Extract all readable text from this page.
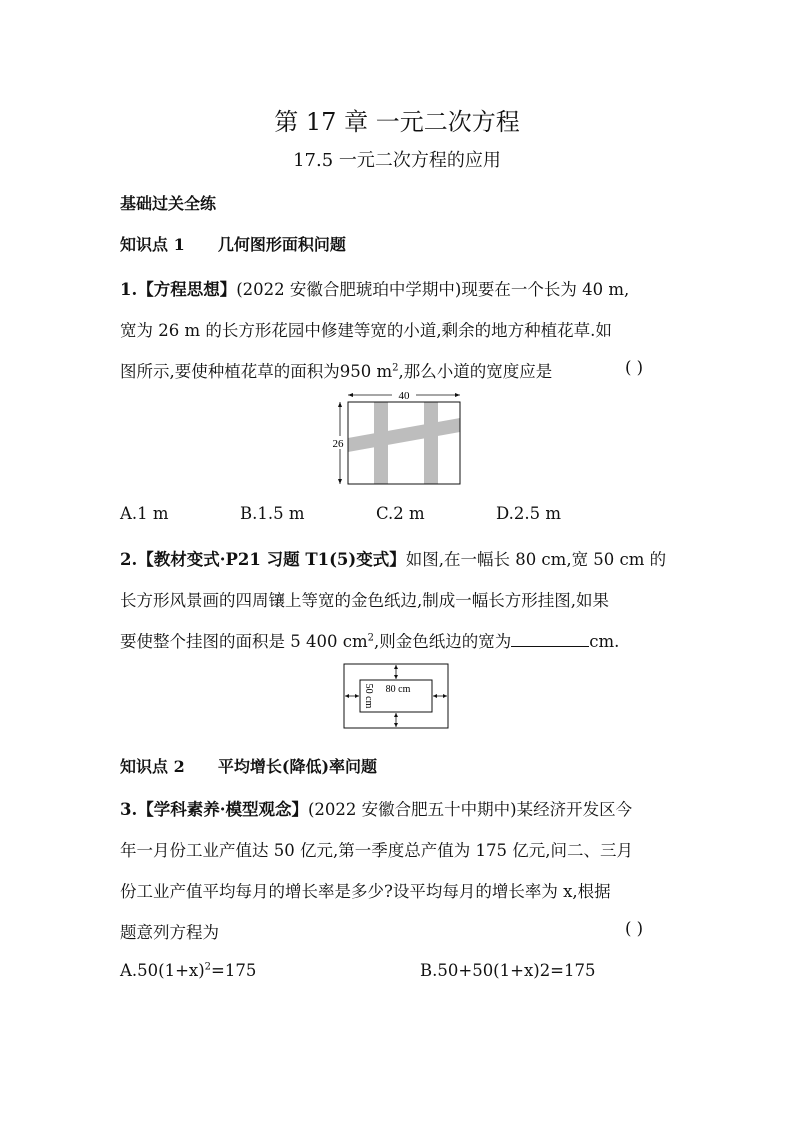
第 17 章 一元二次方程
17.5 一元二次方程的应用
基础过关全练
知识点 1 几何图形面积问题
1.【方程思想】(2022 安徽合肥琥珀中学期中)现要在一个长为 40 m,
宽为 26 m 的长方形花园中修建等宽的小道,剩余的地方种植花草.如
图所示,要使种植花草的面积为950 $m^2$,那么小道的宽度应是	( )
40
26
A.1 m	B.1.5 m	C.2 m	D.2.5 m
2.【教材变式·P21 习题 T1(5)变式】如图,在一幅长 80 cm,宽 50 cm 的
长方形风景画的四周镶上等宽的金色纸边,制成一幅长方形挂图,如果
要使整个挂图的面积是 5 400 $cm^2$,则金色纸边的宽为	cm.
80 cm
50 cm
知识点 2 平均增长(降低)率问题
3.【学科素养·模型观念】(2022 安徽合肥五十中期中)某经济开发区今
年一月份工业产值达 50 亿元,第一季度总产值为 175 亿元,问二、三月
份工业产值平均每月的增长率是多少?设平均每月的增长率为 x,根据
题意列方程为	( )
$A.50(1+x)^2=175$	B.50+50(1+x)2=175
